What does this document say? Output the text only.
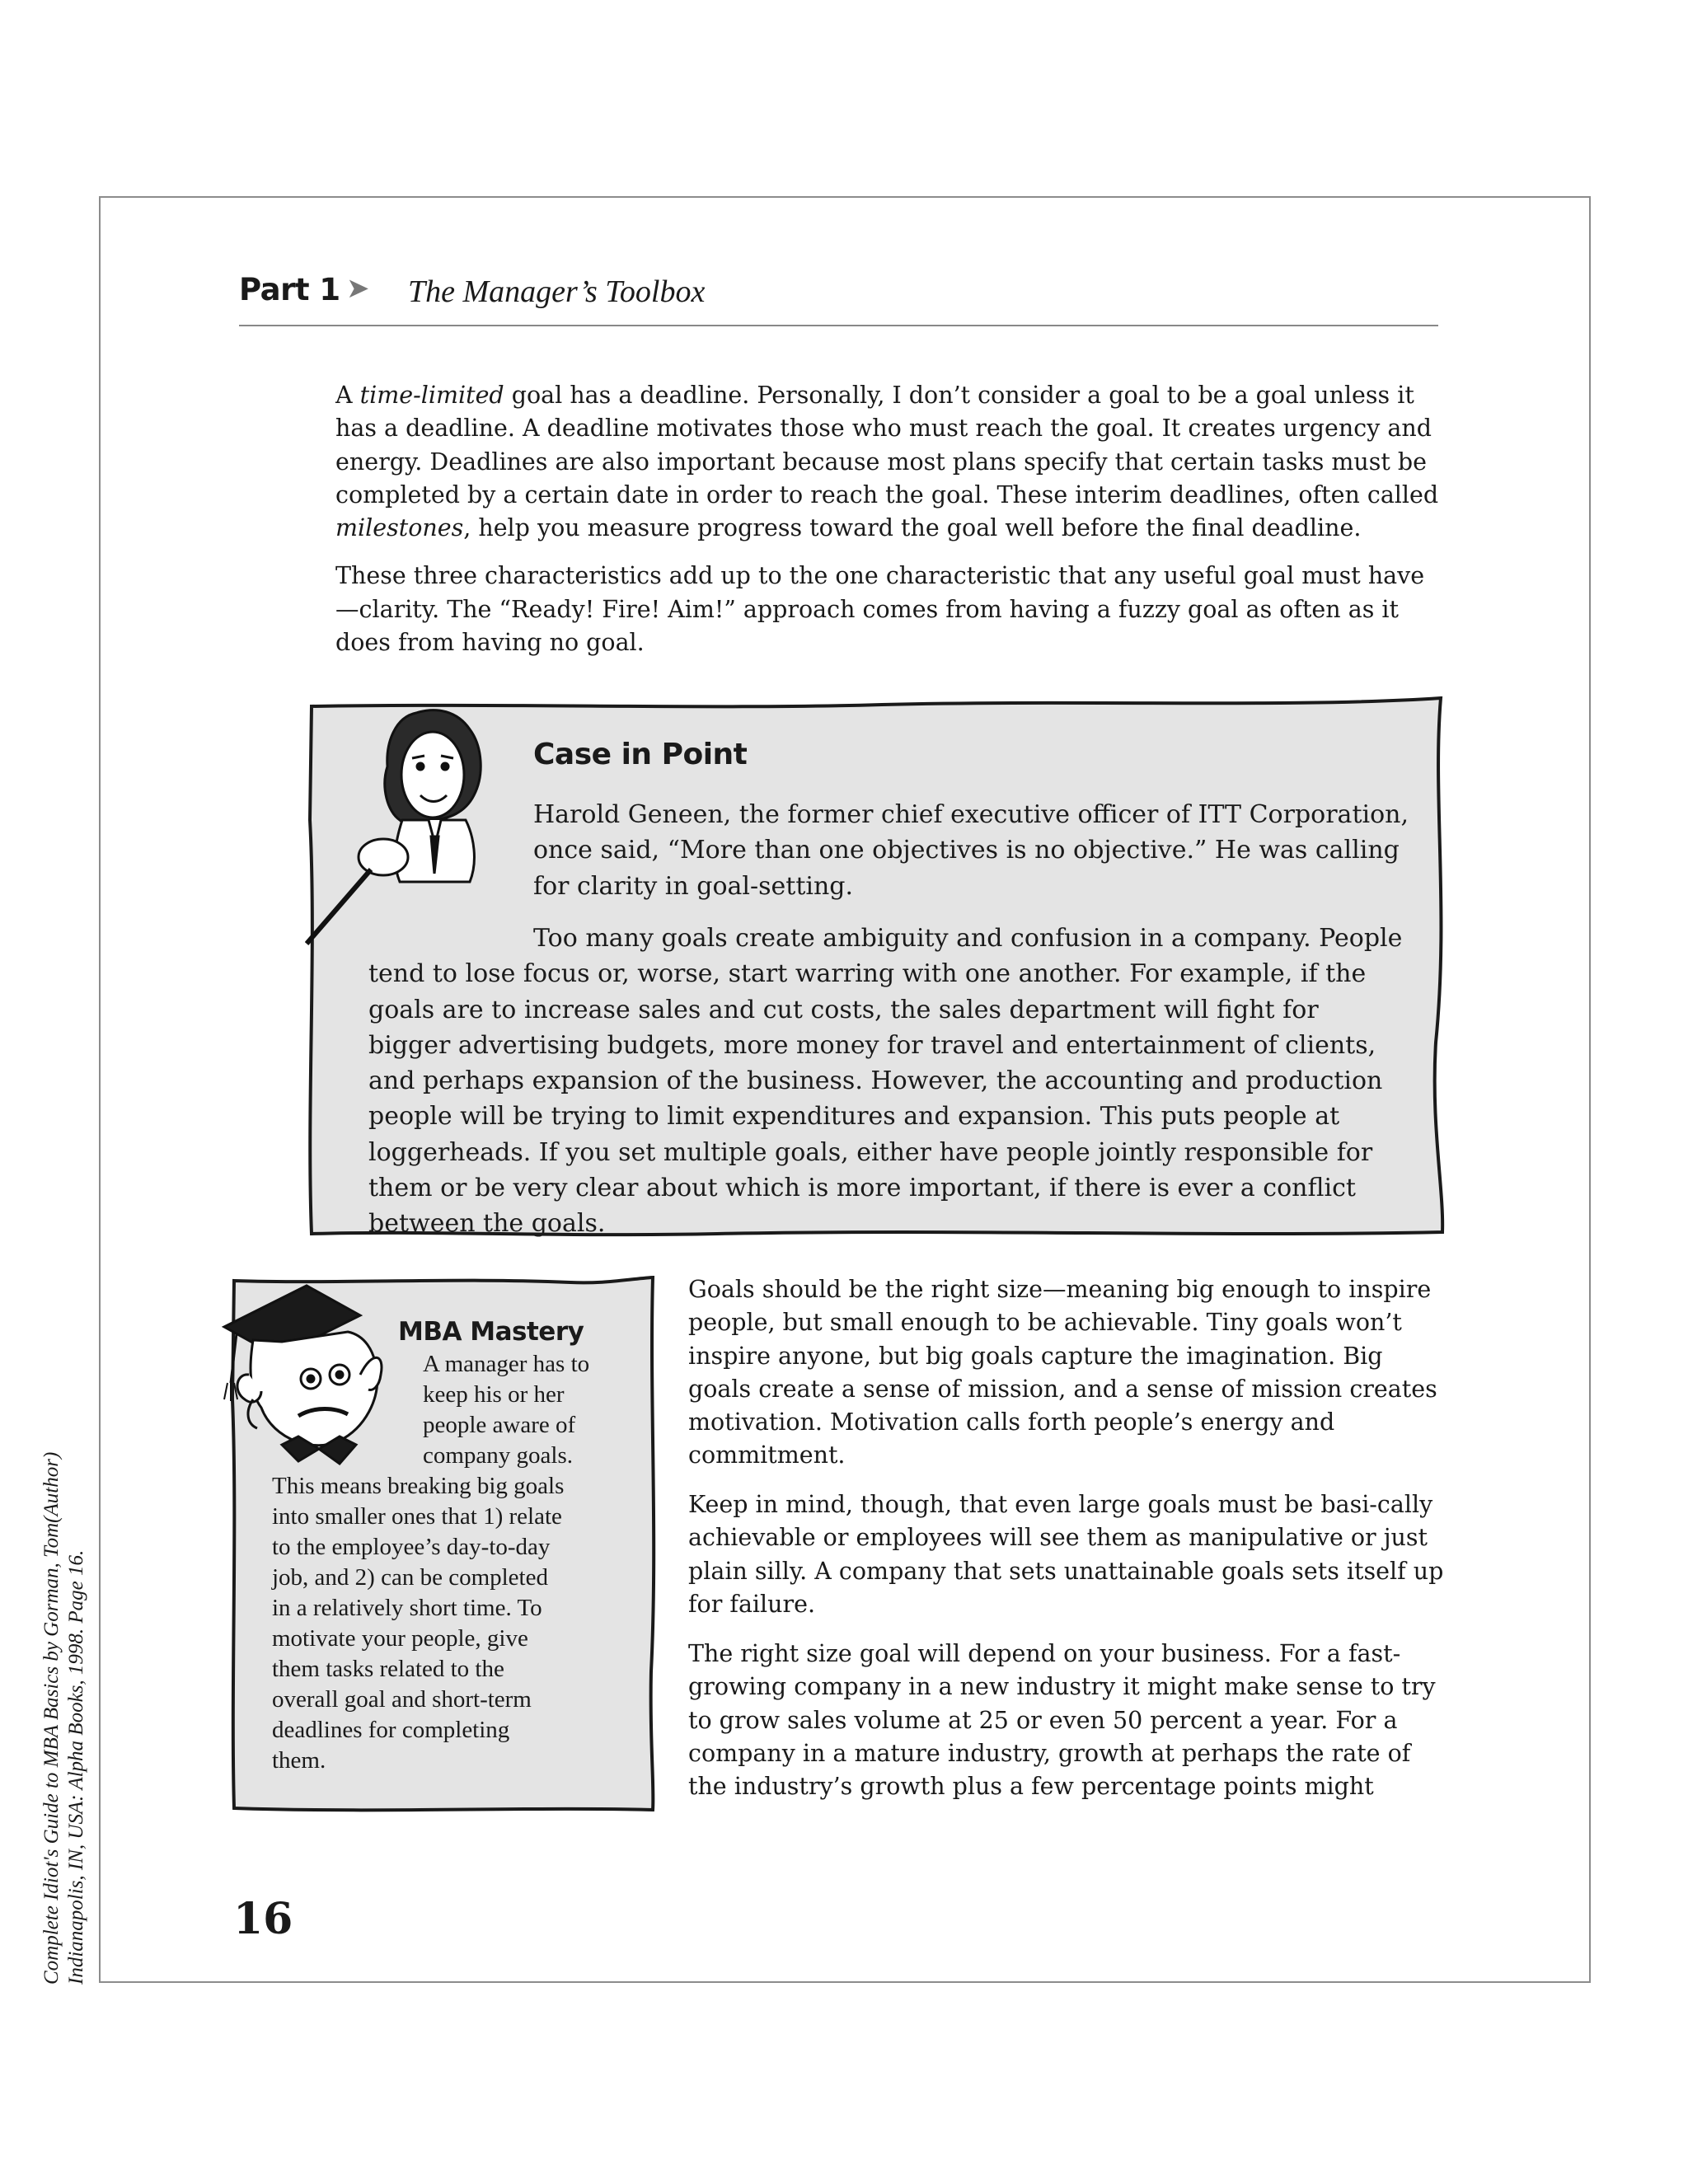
Part 1 ➤ The Manager’s Toolbox

A time-limited goal has a deadline. Personally, I don’t consider a goal to be a goal unless it has a deadline. A deadline motivates those who must reach the goal. It creates urgency and energy. Deadlines are also important because most plans specify that certain tasks must be completed by a certain date in order to reach the goal. These interim deadlines, often called milestones, help you measure progress toward the goal well before the final deadline.

These three characteristics add up to the one characteristic that any useful goal must have—clarity. The “Ready! Fire! Aim!” approach comes from having a fuzzy goal as often as it does from having no goal.

Case in Point
Harold Geneen, the former chief executive officer of ITT Corporation, once said, “More than one objectives is no objective.” He was calling for clarity in goal-setting.

Too many goals create ambiguity and confusion in a company. People tend to lose focus or, worse, start warring with one another. For example, if the goals are to increase sales and cut costs, the sales department will fight for bigger advertising budgets, more money for travel and entertainment of clients, and perhaps expansion of the business. However, the accounting and production people will be trying to limit expenditures and expansion. This puts people at loggerheads. If you set multiple goals, either have people jointly responsible for them or be very clear about which is more important, if there is ever a conflict between the goals.

MBA Mastery
A manager has to
keep his or her
people aware of
company goals.
This means breaking big goals
into smaller ones that 1) relate
to the employee’s day-to-day
job, and 2) can be completed
in a relatively short time. To
motivate your people, give
them tasks related to the
overall goal and short-term
deadlines for completing
them.
Goals should be the right size—meaning big enough to inspire people, but small enough to be achievable. Tiny goals won’t inspire anyone, but big goals capture the imagination. Big goals create a sense of mission, and a sense of mission creates motivation. Motivation calls forth people’s energy and commitment.
Keep in mind, though, that even large goals must be basi-cally achievable or employees will see them as manipulative or just plain silly. A company that sets unattainable goals sets itself up for failure.
The right size goal will depend on your business. For a fast-growing company in a new industry it might make sense to try to grow sales volume at 25 or even 50 percent a year. For a company in a mature industry, growth at perhaps the rate of the industry’s growth plus a few percentage points might
16
Complete Idiot's Guide to MBA Basics by Gorman, Tom(Author) Indianapolis, IN, USA: Alpha Books, 1998. Page 16.
